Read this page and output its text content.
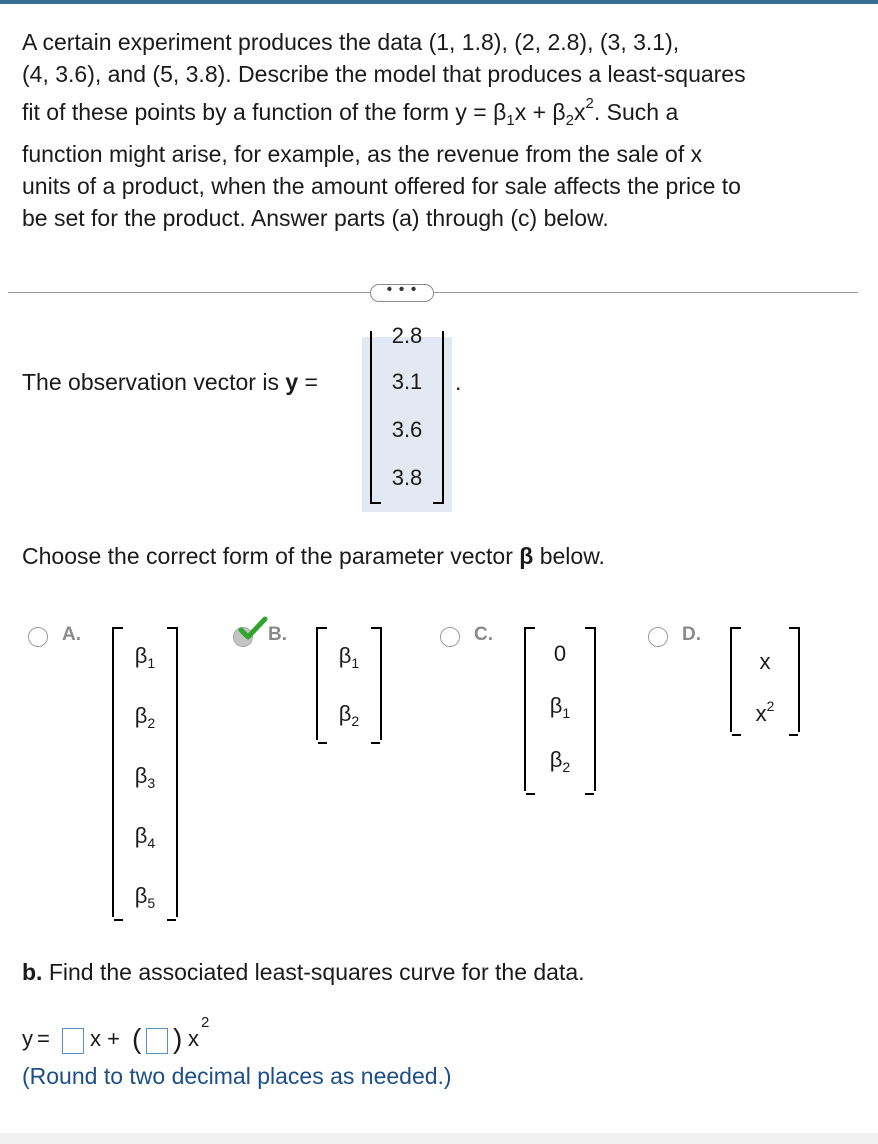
A certain experiment produces the data (1, 1.8), (2, 2.8), (3, 3.1),
(4, 3.6), and (5, 3.8). Describe the model that produces a least-squares
fit of these points by a function of the form $y = \beta_1x + \beta_2x^2$. Such a
function might arise, for example, as the revenue from the sale of x
units of a product, when the amount offered for sale affects the price to
be set for the product. Answer parts (a) through (c) below.
• • •
The observation vector is y =
2.8
3.1
3.6
3.8
.
Choose the correct form of the parameter vector β below.
A.
$\beta_1$
$\beta_2$
$\beta_3$
$\beta_4$
$\beta_5$
B.
$\beta_1$
$\beta_2$
C.
0
$\beta_1$
$\beta_2$
D.
x
$x^2$
b. Find the associated least-squares curve for the data.
y = x + ( ) x
2
(Round to two decimal places as needed.)
